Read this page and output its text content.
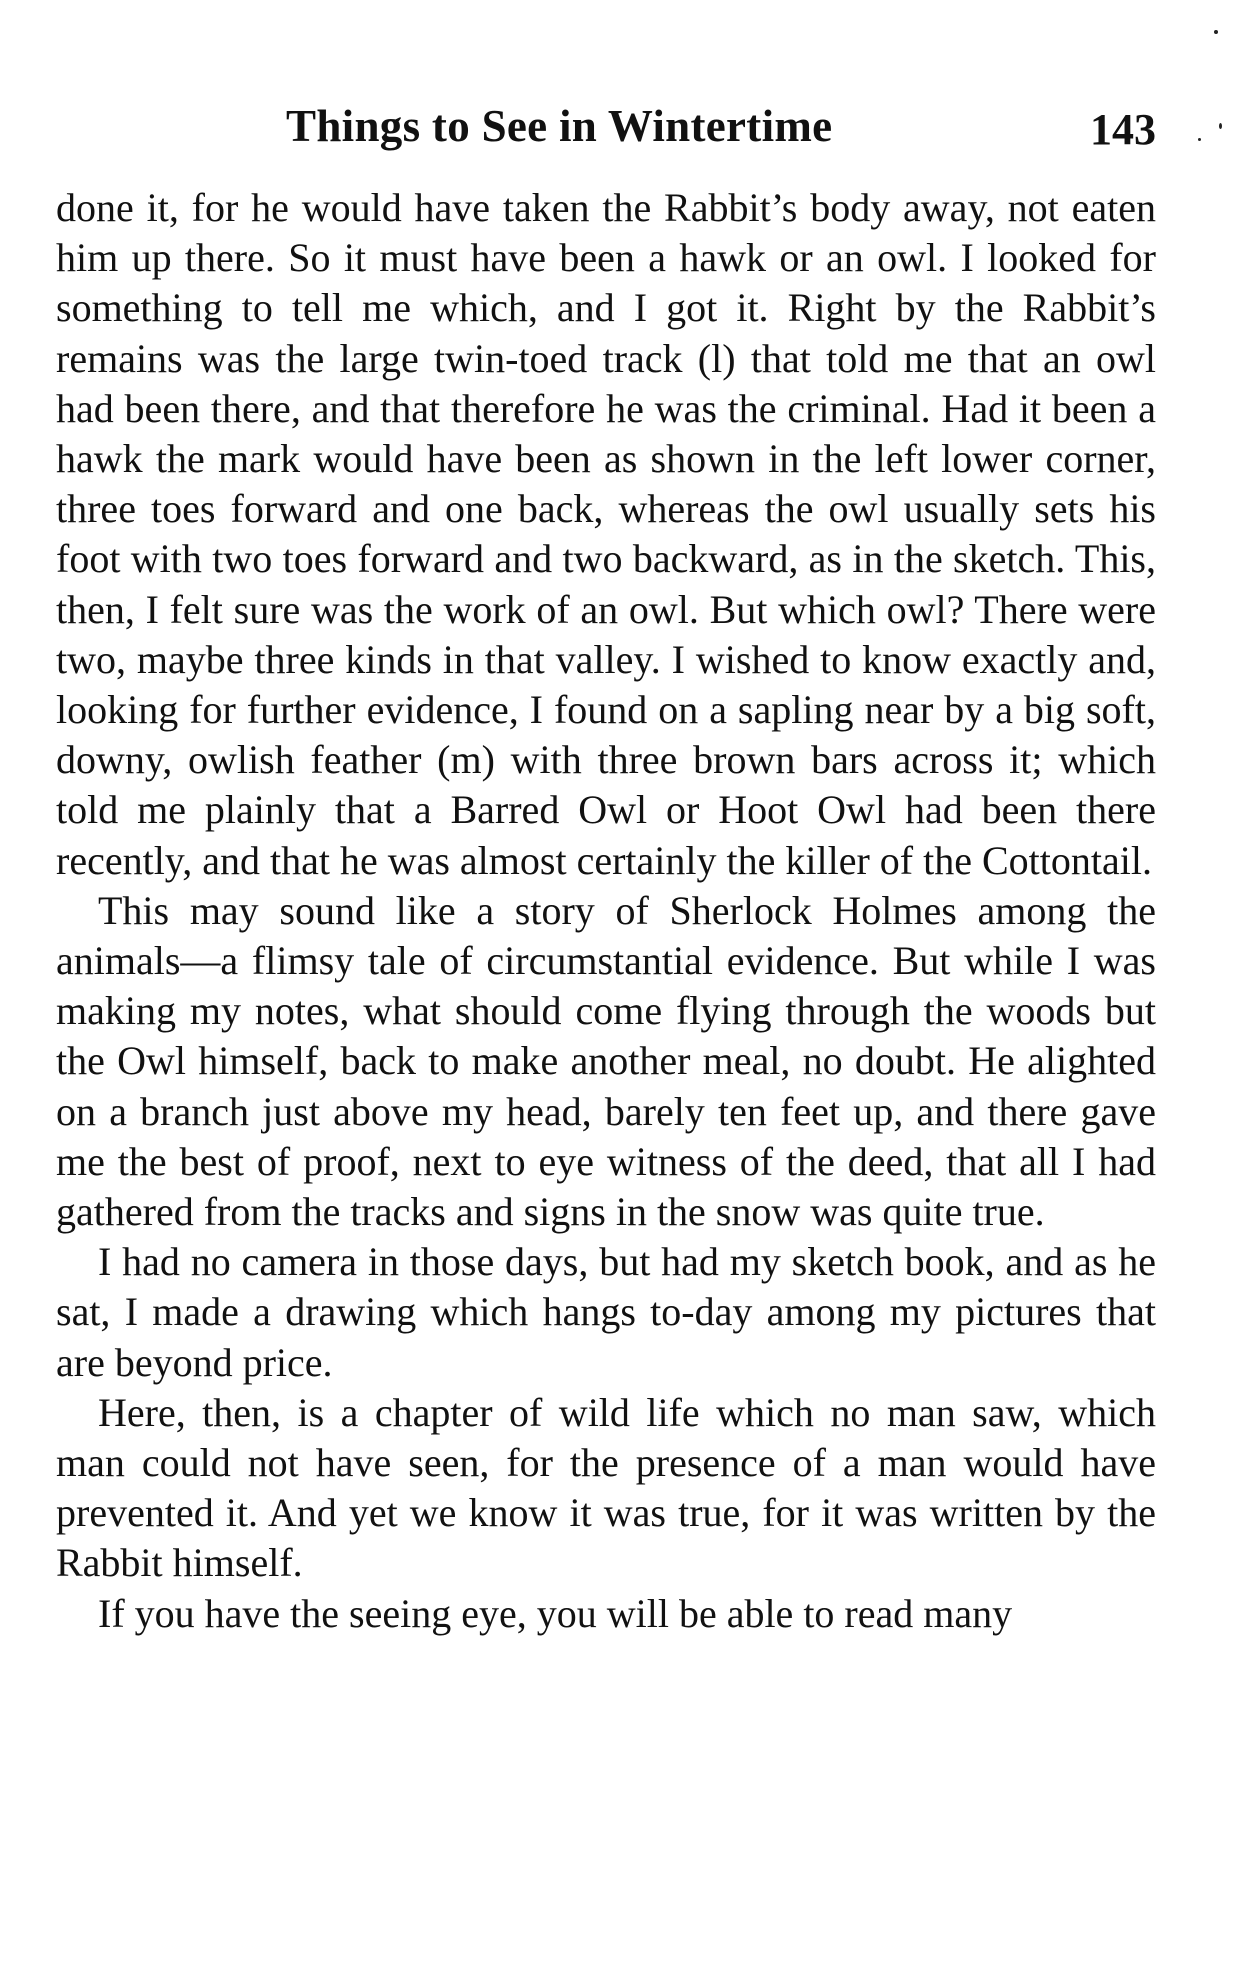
Things to See in Wintertime	143

done it, for he would have taken the Rabbit’s body away, not eaten him up there. So it must have been a hawk or an owl. I looked for something to tell me which, and I got it. Right by the Rabbit’s remains was the large twin-toed track (l) that told me that an owl had been there, and that therefore he was the criminal. Had it been a hawk the mark would have been as shown in the left lower corner, three toes forward and one back, whereas the owl usually sets his foot with two toes forward and two backward, as in the sketch. This, then, I felt sure was the work of an owl. But which owl? There were two, maybe three kinds in that valley. I wished to know exactly and, looking for further evidence, I found on a sapling near by a big soft, downy, owlish feather (m) with three brown bars across it; which told me plainly that a Barred Owl or Hoot Owl had been there recently, and that he was almost certainly the killer of the Cottontail.

This may sound like a story of Sherlock Holmes among the animals—a flimsy tale of circumstantial evidence. But while I was making my notes, what should come flying through the woods but the Owl himself, back to make another meal, no doubt. He alighted on a branch just above my head, barely ten feet up, and there gave me the best of proof, next to eye witness of the deed, that all I had gathered from the tracks and signs in the snow was quite true.

I had no camera in those days, but had my sketch book, and as he sat, I made a drawing which hangs to-day among my pictures that are beyond price.

Here, then, is a chapter of wild life which no man saw, which man could not have seen, for the presence of a man would have prevented it. And yet we know it was true, for it was written by the Rabbit himself.

If you have the seeing eye, you will be able to read many
